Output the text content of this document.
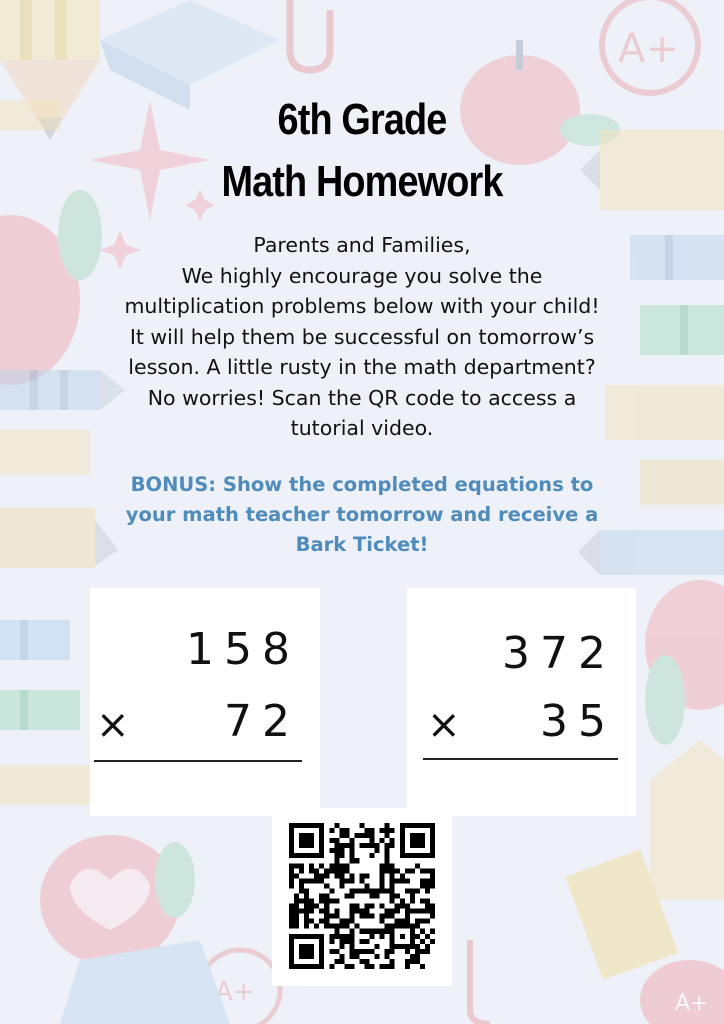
A+
A+
A+
6th Grade
Math Homework
Parents and Families,
We highly encourage you solve the
multiplication problems below with your child!
It will help them be successful on tomorrow’s
lesson. A little rusty in the math department?
No worries! Scan the QR code to access a
tutorial video.
BONUS: Show the completed equations to
your math teacher tomorrow and receive a
Bark Ticket!
158
× 72
372
× 35
